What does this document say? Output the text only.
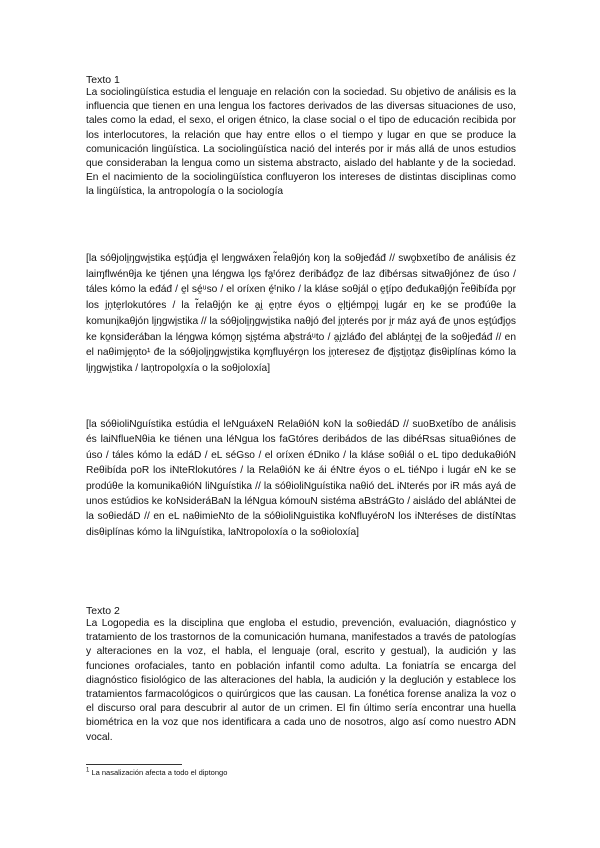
Texto 1

La sociolingüística estudia el lenguaje en relación con la sociedad. Su objetivo de análisis es la influencia que tienen en una lengua los factores derivados de las diversas situaciones de uso, tales como la edad, el sexo, el origen étnico, la clase social o el tipo de educación recibida por los interlocutores, la relación que hay entre ellos o el tiempo y lugar en que se produce la comunicación lingüística. La sociolingüística nació del interés por ir más allá de unos estudios que consideraban la lengua como un sistema abstracto, aislado del hablante y de la sociedad. En el nacimiento de la sociolingüística confluyeron los intereses de distintas disciplinas como la lingüística, la antropología o la sociología

[la sóθjoli̯ŋgwi̯stika eşţúđja e̯l leŋgwáxen r̃elaθjóŋ koŋ la soθjeđáđ // swo̯bxetíbo đe análisis éz laiɱflwénθja ke tjénen u̯na léŋgwa lo̯s fa̯ᵗórez đeriƀáđo̯z đe laz điƀérsas sitwaθjónez đe úso / táles kómo la eđáđ / e̯l sé̯ᵘso / el oríxen é̯ᵗniko / la kláse soθjál o e̯ţípo đeđukaθjó̯n r̃eθiƀíđa po̯r los i̯ņte̯rlokutóres / la r̃elaθjó̯n ke a̯i̯ e̯ņtre éyos o e̯ļtjémpo̯i̯ lugár eŋ ke se prođúθe la komuni̯kaθjón li̯ŋgwi̯stika // la sóθjoli̯ŋgwi̯stika naθjó đel i̯ņterés por i̯r máz ayá đe u̯nos eşţúđjo̯s ke ko̯nsiđeɾáƀan la léŋgwa kómo̯ŋ si̯ştéma aƀ̯stráᵘto / a̯i̯zláđo đel aƀláņte̯i̯ đe la soθjeđáđ // en el naθimje̯ņto¹ đe la sóθjoli̯ŋgwi̯stika ko̯ɱfluyéro̯n los i̯ņteresez đe đi̯şti̯ņta̯z đ̯isθiplínas kómo la li̯ŋgwi̯stika / laņtropolo̯xía o la soθjoloxía]

[la sóθioliNguístika estúdia el leNguáxeN RelaθióN koN la soθiedáD // suoBxetíbo de análisis és laiNflueNθia ke tiénen una léNgua los faGtóres deribádos de las dibéRsas situaθiónes de úso / táles kómo la edáD / eL séGso / el oríxen éDniko / la kláse soθiál o eL tipo dedukaθióN Reθibída poR los iNteRlokutóres / la RelaθióN ke ái éNtre éyos o eL tiéNpo i lugár eN ke se prodúθe la komunikaθióN liNguístika // la sóθioliNguístika naθió deL iNterés por iR más ayá de unos estúdios ke koNsideráBaN la léNgua kómouN sistéma aBstráGto / aisládo del abláNtei de la soθiedáD // en eL naθimieNto de la sóθioliNguistika koNfluyéroN los iNteréses de distíNtas disθiplínas kómo la liNguístika, laNtropoloxía o la soθioloxía]

Texto 2

La Logopedia es la disciplina que engloba el estudio, prevención, evaluación, diagnóstico y tratamiento de los trastornos de la comunicación humana, manifestados a través de patologías y alteraciones en la voz, el habla, el lenguaje (oral, escrito y gestual), la audición y las funciones orofaciales, tanto en población infantil como adulta. La foniatría se encarga del diagnóstico fisiológico de las alteraciones del habla, la audición y la deglución y establece los tratamientos farmacológicos o quirúrgicos que las causan. La fonética forense analiza la voz o el discurso oral para descubrir al autor de un crimen. El fin último sería encontrar una huella biométrica en la voz que nos identificara a cada uno de nosotros, algo así como nuestro ADN vocal.

$^1$ La nasalización afecta a todo el diptongo
